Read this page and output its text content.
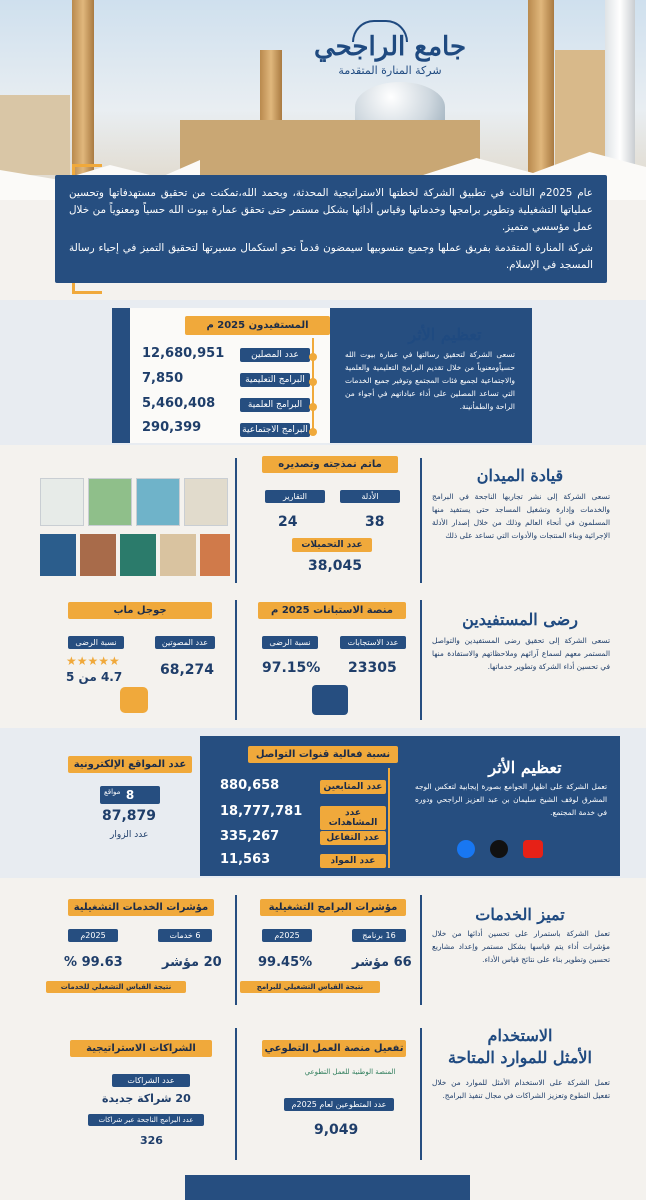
جامع الراجحي
شركة المنارة المتقدمة

عام 2025م الثالث في تطبيق الشركة لخطتها الاستراتيجية المحدثة، وبحمد الله،تمكنت من تحقيق مستهدفاتها وتحسين عملياتها التشغيلية وتطوير برامجها وخدماتها وقياس أدائها بشكل مستمر حتى تحقق عمارة بيوت الله حسياً ومعنوياً من خلال عمل مؤسسي متميز.

شركة المنارة المتقدمة بفريق عملها وجميع منسوبيها سيمضون قدماً نحو استكمال مسيرتها لتحقيق التميز في إحياء رسالة المسجد في الإسلام.

تعظيم الأثر
تسعى الشركة لتحقيق رسالتها في عمارة بيوت الله حسياًومعنوياً من خلال تقديم البرامج التعليمية والعلمية والاجتماعية لجميع فئات المجتمع وتوفير جميع الخدمات التي تساعد المصلين على أداء عباداتهم في أجواء من الراحة والطمأنينة.
المستفيدون 2025 م
عدد المصلين
12,680,951
البرامج التعليمية
7,850
البرامج العلمية
5,460,408
البرامج الاجتماعية
290,399
قيادة الميدان
تسعى الشركة إلى نشر تجاربها الناجحة في البرامج والخدمات وإدارة وتشغيل المساجد حتى يستفيد منها المسلمون في أنحاء العالم وذلك من خلال إصدار الأدلة الإجرائية وبناء المنتجات والأدوات التي تساعد على ذلك
ماتم نمذجته وتصديره
الأدلة
التقارير
38
24
عدد التحميلات
38,045
رضى المستفيدين
تسعى الشركة إلى تحقيق رضى المستفيدين والتواصل المستمر معهم لسماع آرائهم وملاحظاتهم والاستفادة منها في تحسين أداء الشركة وتطوير خدماتها.
منصة الاستبانات 2025 م
عدد الاستجابات
نسبة الرضى
23305
97.15%
جوجل ماب
عدد المصوتين
نسبة الرضى
★★★★★
68,274
4.7 من 5
تعظيم الأثر
تعمل الشركة على اظهار الجوامع بصورة إيجابية لتعكس الوجه المشرق لوقف الشيخ سليمان بن عبد العزيز الراجحي ودوره في خدمة المجتمع.
نسبة فعالية قنوات التواصل
عدد المتابعين
880,658
عدد المشاهدات
18,777,781
عدد التفاعل
335,267
عدد المواد
11,563
عدد المواقع الإلكترونية
8
مواقع
87,879
عدد الزوار
تميز الخدمات
تعمل الشركة باستمرار على تحسين أدائها من خلال مؤشرات أداء يتم قياسها بشكل مستمر وإعداد مشاريع تحسين وتطوير بناء على نتائج قياس الأداء.
مؤشرات البرامج التشغيلية
16 برنامج
2025م
66 مؤشر
99.45%
نتيجة القياس التشغيلي للبرامج
مؤشرات الخدمات التشغيلية
6 خدمات
2025م
20 مؤشر
99.63 %
نتيجة القياس التشغيلي للخدمات
الاستخدام
الأمثل للموارد المتاحة
تعمل الشركة على الاستخدام الأمثل للموارد من خلال تفعيل التطوع وتعزيز الشراكات في مجال تنفيذ البرامج.
تفعيل منصة العمل التطوعي
المنصة الوطنية للعمل التطوعي
عدد المتطوعين لعام 2025م
9,049
الشراكات الاستراتيجية
عدد الشراكات
20 شراكة جديدة
عدد البرامج الناجحة عبر شراكات
326
